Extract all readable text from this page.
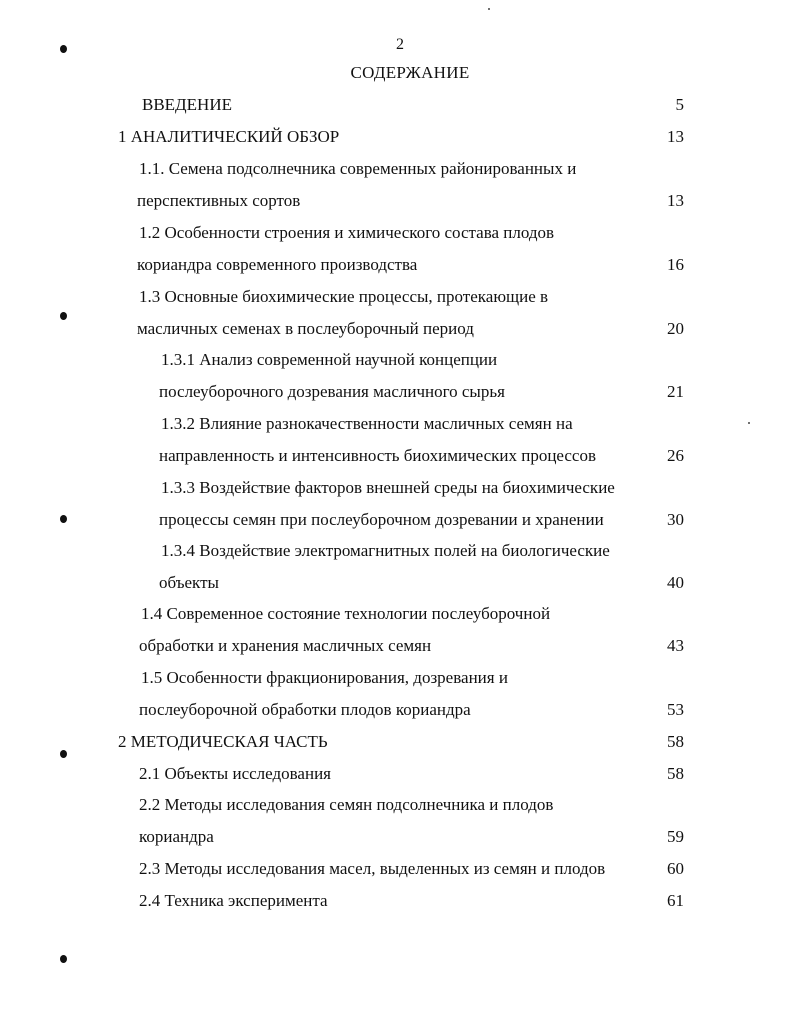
2
СОДЕРЖАНИЕ
ВВЕДЕНИЕ	5
1 АНАЛИТИЧЕСКИЙ ОБЗОР	13
1.1. Семена подсолнечника современных районированных и
перспективных сортов	13
1.2 Особенности строения и химического состава плодов
кориандра современного производства	16
1.3 Основные биохимические процессы, протекающие в
масличных семенах в послеуборочный период	20
1.3.1 Анализ современной научной концепции
послеуборочного дозревания масличного сырья	21
1.3.2 Влияние разнокачественности масличных семян на
направленность и интенсивность биохимических процессов	26
1.3.3 Воздействие факторов внешней среды на биохимические
процессы семян при послеуборочном дозревании и хранении	30
1.3.4 Воздействие электромагнитных полей на биологические
объекты	40
1.4 Современное состояние технологии послеуборочной
обработки и хранения масличных семян	43
1.5 Особенности фракционирования, дозревания и
послеуборочной обработки плодов кориандра	53
2 МЕТОДИЧЕСКАЯ ЧАСТЬ	58
2.1 Объекты исследования	58
2.2 Методы исследования семян подсолнечника и плодов
кориандра	59
2.3 Методы исследования масел, выделенных из семян и плодов	60
2.4 Техника эксперимента	61
